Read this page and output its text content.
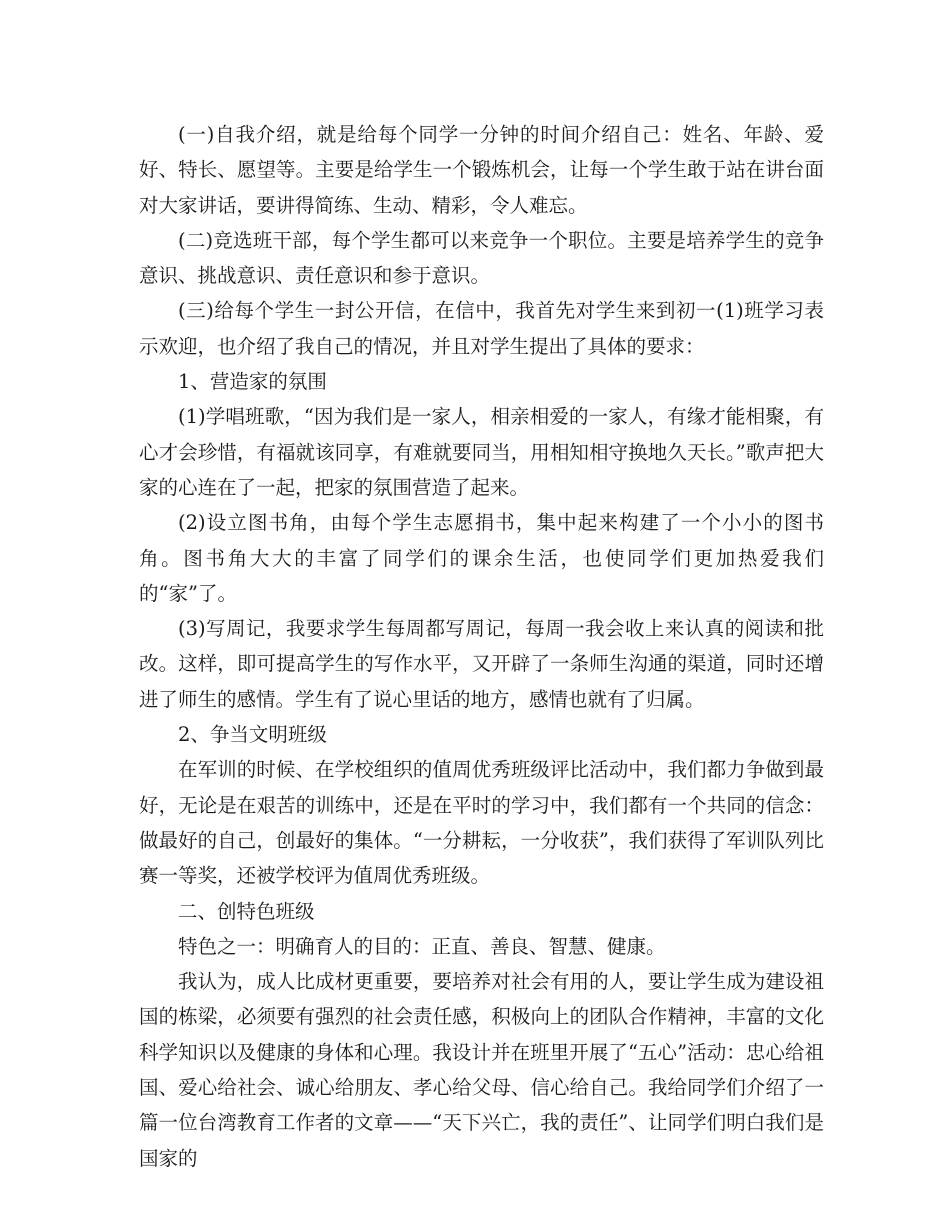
(一)自我介绍，就是给每个同学一分钟的时间介绍自己：姓名、年龄、爱好、特长、愿望等。主要是给学生一个锻炼机会，让每一个学生敢于站在讲台面对大家讲话，要讲得简练、生动、精彩，令人难忘。

(二)竞选班干部，每个学生都可以来竞争一个职位。主要是培养学生的竞争意识、挑战意识、责任意识和参于意识。

(三)给每个学生一封公开信，在信中，我首先对学生来到初一(1)班学习表示欢迎，也介绍了我自己的情况，并且对学生提出了具体的要求：

1、营造家的氛围

(1)学唱班歌，“因为我们是一家人，相亲相爱的一家人，有缘才能相聚，有心才会珍惜，有福就该同享，有难就要同当，用相知相守换地久天长。”歌声把大家的心连在了一起，把家的氛围营造了起来。

(2)设立图书角，由每个学生志愿捐书，集中起来构建了一个小小的图书角。图书角大大的丰富了同学们的课余生活，也使同学们更加热爱我们的“家”了。

(3)写周记，我要求学生每周都写周记，每周一我会收上来认真的阅读和批改。这样，即可提高学生的写作水平，又开辟了一条师生沟通的渠道，同时还增进了师生的感情。学生有了说心里话的地方，感情也就有了归属。

2、争当文明班级

在军训的时候、在学校组织的值周优秀班级评比活动中，我们都力争做到最好，无论是在艰苦的训练中，还是在平时的学习中，我们都有一个共同的信念：做最好的自己，创最好的集体。“一分耕耘，一分收获”，我们获得了军训队列比赛一等奖，还被学校评为值周优秀班级。

二、创特色班级

特色之一：明确育人的目的：正直、善良、智慧、健康。

我认为，成人比成材更重要，要培养对社会有用的人，要让学生成为建设祖国的栋梁，必须要有强烈的社会责任感，积极向上的团队合作精神，丰富的文化科学知识以及健康的身体和心理。我设计并在班里开展了“五心”活动：忠心给祖国、爱心给社会、诚心给朋友、孝心给父母、信心给自己。我给同学们介绍了一篇一位台湾教育工作者的文章——“天下兴亡，我的责任”、让同学们明白我们是国家的
